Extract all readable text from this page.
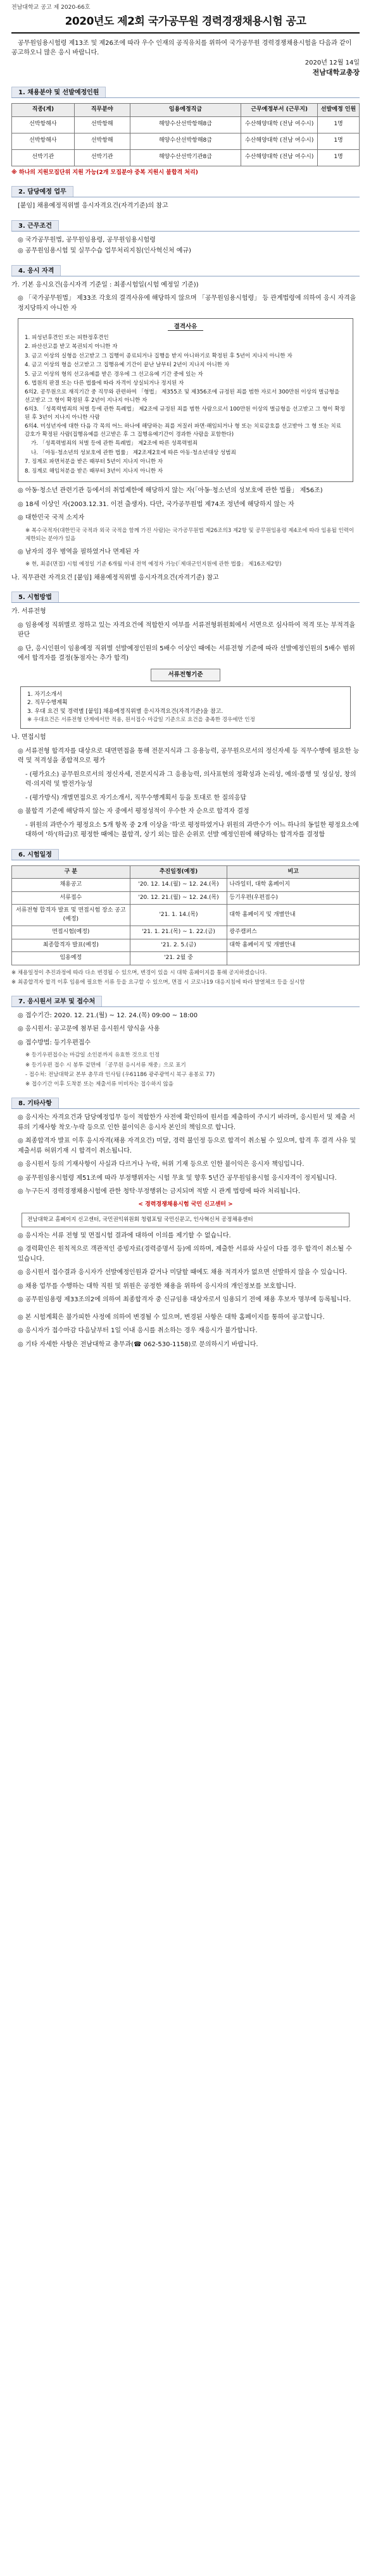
전남대학교 공고 제 2020-66호
2020년도 제2회 국가공무원 경력경쟁채용시험 공고

공무원임용시험령 제13조 및 제26조에 따라 우수 인재의 공직유치를 위하여 국가공무원 경력경쟁채용시험을 다음과 같이 공고하오니 많은 응시 바랍니다.

2020년 12월 14일
전남대학교총장
1. 채용분야 및 선발예정인원
직종(계)	직무분야	임용예정직급	근무예정부서 (근무지)	선발예정 인원
선박항해사	선박항해	해양수산선박항해8급	수산해양대학 (전남 여수시)	1명
선박항해사	선박항해	해양수산선박항해8급	수산해양대학 (전남 여수시)	1명
선박기관	선박기관	해양수산선박기관8급	수산해양대학 (전남 여수시)	1명
※ 하나의 지원모집단위 지원 가능(2개 모집분야 중복 지원시 불합격 처리)
2. 담당예정 업무

[붙임] 채용예정직위별 응시자격요건(자격기준)의 참고

3. 근무조건

◎ 국가공무원법, 공무원임용령, 공무원임용시험령

◎ 공무원임용시험 및 실무수습 업무처리지침(인사혁신처 예규)

4. 응시 자격

가. 기본 응시요건(응시자격 기준일 : 최종시험일(시험 예정일 기준))

◎ 「국가공무원법」 제33조 각호의 결격사유에 해당하지 않으며 「공무원임용시험령」 등 관계법령에 의하여 응시 자격을 정지당하지 아니한 자

결격사유
1. 피성년후견인 또는 피한정후견인
2. 파산선고를 받고 복권되지 아니한 자
3. 금고 이상의 실형을 선고받고 그 집행이 종료되거나 집행을 받지 아니하기로 확정된 후 5년이 지나지 아니한 자
4. 금고 이상의 형을 선고받고 그 집행유예 기간이 끝난 날부터 2년이 지나지 아니한 자
5. 금고 이상의 형의 선고유예를 받은 경우에 그 선고유예 기간 중에 있는 자
6. 법원의 판결 또는 다른 법률에 따라 자격이 상실되거나 정지된 자
6의2. 공무원으로 재직기간 중 직무와 관련하여 「형법」 제355조 및 제356조에 규정된 죄를 범한 자로서 300만원 이상의 벌금형을 선고받고 그 형이 확정된 후 2년이 지나지 아니한 자
6의3. 「성폭력범죄의 처벌 등에 관한 특례법」 제2조에 규정된 죄를 범한 사람으로서 100만원 이상의 벌금형을 선고받고 그 형이 확정된 후 3년이 지나지 아니한 사람
6의4. 미성년자에 대한 다음 각 목의 어느 하나에 해당하는 죄를 저질러 파면·해임되거나 형 또는 치료감호를 선고받아 그 형 또는 치료감호가 확정된 사람(집행유예를 선고받은 후 그 집행유예기간이 경과한 사람을 포함한다)
가. 「성폭력범죄의 처벌 등에 관한 특례법」 제2조에 따른 성폭력범죄
나. 「아동·청소년의 성보호에 관한 법률」 제2조제2호에 따른 아동·청소년대상 성범죄
7. 징계로 파면처분을 받은 때부터 5년이 지나지 아니한 자
8. 징계로 해임처분을 받은 때부터 3년이 지나지 아니한 자

◎ 아동·청소년 관련기관 등에서의 취업제한에 해당하지 않는 자(「아동·청소년의 성보호에 관한 법률」 제56조)

◎ 18세 이상인 자(2003.12.31. 이전 출생자). 다만, 국가공무원법 제74조 정년에 해당하지 않는 자

◎ 대한민국 국적 소지자

※ 복수국적자(대한민국 국적과 외국 국적을 함께 가진 사람)는 국가공무원법 제26조의3 제2항 및 공무원임용령 제4조에 따라 임용될 인력이 제한되는 분야가 있음

◎ 남자의 경우 병역을 필하였거나 면제된 자

※ 현, 최종(면접) 시험 예정일 기준 6개월 이내 전역 예정자 가능(「제대군인지원에 관한 법률」 제16조제2항)

나. 직무관련 자격요건 [붙임] 채용예정직위별 응시자격요건(자격기준) 참고

5. 시험방법

가. 서류전형

◎ 임용예정 직위별로 정하고 있는 자격요건에 적합한지 여부를 서류전형위원회에서 서면으로 심사하여 적격 또는 부적격을 판단

◎ 단, 응시인원이 임용예정 직위별 선발예정인원의 5배수 이상인 때에는 서류전형 기준에 따라 선발예정인원의 5배수 범위에서 합격자를 결정(동점자는 추가 합격)

서류전형기준
1. 자기소개서
2. 직무수행계획
3. 우대 요건 및 경력별 [붙임] 채용예정직위별 응시자격요건(자격기준)을 참고.
※ 우대요건은 서류전형 단계에서만 적용, 원서접수 마감일 기준으로 요건을 충족한 경우에만 인정

나. 면접시험

◎ 서류전형 합격자를 대상으로 대면면접을 통해 전문지식과 그 응용능력, 공무원으로서의 정신자세 등 직무수행에 필요한 능력 및 적격성을 종합적으로 평가

- (평가요소) 공무원으로서의 정신자세, 전문지식과 그 응용능력, 의사표현의 정확성과 논리성, 예의·품행 및 성실성, 창의력·의지력 및 발전가능성

- (평가방식) 개별면접으로 자기소개서, 직무수행계획서 등을 토대로 한 질의응답

◎ 불합격 기준에 해당하지 않는 자 중에서 평정성적이 우수한 자 순으로 합격자 결정

- 위원의 과반수가 평정요소 5개 항목 중 2개 이상을 '하'로 평정하였거나 위원의 과반수가 어느 하나의 동일한 평정요소에 대하여 '하'(하급)로 평정한 때에는 불합격, 상기 외는 많은 순위로 선발 예정인원에 해당하는 합격자를 결정함

6. 시험일정
구 분	추진일정(예정)	비고
채용공고	'20. 12. 14.(월) ~ 12. 24.(목)	나라일터, 대학 홈페이지
서류접수	'20. 12. 21.(월) ~ 12. 24.(목)	등기우편(우편접수)
서류전형 합격자 발표 및 면접시험 장소 공고(예정)	'21. 1. 14.(목)	대학 홈페이지 및 개별안내
면접시험(예정)	'21. 1. 21.(목) ~ 1. 22.(금)	광주캠퍼스
최종합격자 발표(예정)	'21. 2. 5.(금)	대학 홈페이지 및 개별안내
임용예정	'21. 2월 중	

※ 채용일정이 추진과정에 따라 다소 변경될 수 있으며, 변경이 있을 시 대학 홈페이지를 통해 공지하겠습니다.

※ 최종합격자 합격 이후 임용에 필요한 서류 등을 요구할 수 있으며, 면접 시 코로나19 대응지침에 따라 발열체크 등을 실시함

7. 응시원서 교부 및 접수처

◎ 접수기간: 2020. 12. 21.(월) ~ 12. 24.(목) 09:00 ~ 18:00

◎ 응시원서: 공고문에 첨부된 응시원서 양식을 사용

◎ 접수방법: 등기우편접수

※ 등기우편접수는 마감일 소인분까지 유효한 것으로 인정

※ 등기우편 접수 시 봉투 겉면에 「공무원 응시서류 재중」으로 표기

- 접수처: 전남대학교 본부 총무과 인사팀 (우61186 광주광역시 북구 용봉로 77)

※ 접수기간 이후 도착분 또는 제출서류 미비자는 접수하지 않음

8. 기타사항

◎ 응시자는 자격요건과 담당예정업무 등이 적합한가 사전에 확인하여 원서를 제출하여 주시기 바라며, 응시원서 및 제출 서류의 기재사항 착오·누락 등으로 인한 불이익은 응시자 본인의 책임으로 합니다.

◎ 최종합격자 발표 이후 응시자격(채용 자격요건) 미달, 경력 불인정 등으로 합격이 취소될 수 있으며, 합격 후 결격 사유 및 제출서류 허위기재 시 합격이 취소됩니다.

◎ 응시원서 등의 기재사항이 사실과 다르거나 누락, 허위 기재 등으로 인한 불이익은 응시자 책임입니다.

◎ 공무원임용시험령 제51조에 따라 부정행위자는 시험 무효 및 향후 5년간 공무원임용시험 응시자격이 정지됩니다.

◎ 누구든지 경력경쟁채용시험에 관한 청탁·부정행위는 금지되며 적발 시 관계 법령에 따라 처리됩니다.

< 경력경쟁채용시험 국민 신고센터 >
전남대학교 홈페이지 신고센터, 국민권익위원회 청렴포털 국민신문고, 인사혁신처 공정채용센터

◎ 응시자는 서류 전형 및 면접시험 결과에 대하여 이의를 제기할 수 없습니다.

◎ 경력확인은 원칙적으로 객관적인 증빙자료(경력증명서 등)에 의하며, 제출한 서류와 사실이 다를 경우 합격이 취소될 수 있습니다.

◎ 응시원서 접수결과 응시자가 선발예정인원과 같거나 미달할 때에도 채용 적격자가 없으면 선발하지 않을 수 있습니다.

◎ 채용 업무를 수행하는 대학 직원 및 위원은 공정한 채용을 위하여 응시자의 개인정보를 보호합니다.

◎ 공무원임용령 제33조의2에 의하여 최종합격자 중 신규임용 대상자로서 임용되기 전에 채용 후보자 명부에 등록됩니다.

◎ 본 시험계획은 불가피한 사정에 의하여 변경될 수 있으며, 변경된 사항은 대학 홈페이지를 통하여 공고합니다.

◎ 응시자가 접수마감 다음날부터 1일 이내 응시를 취소하는 경우 재응시가 불가합니다.

◎ 기타 자세한 사항은 전남대학교 총무과(☎ 062-530-1158)로 문의하시기 바랍니다.
